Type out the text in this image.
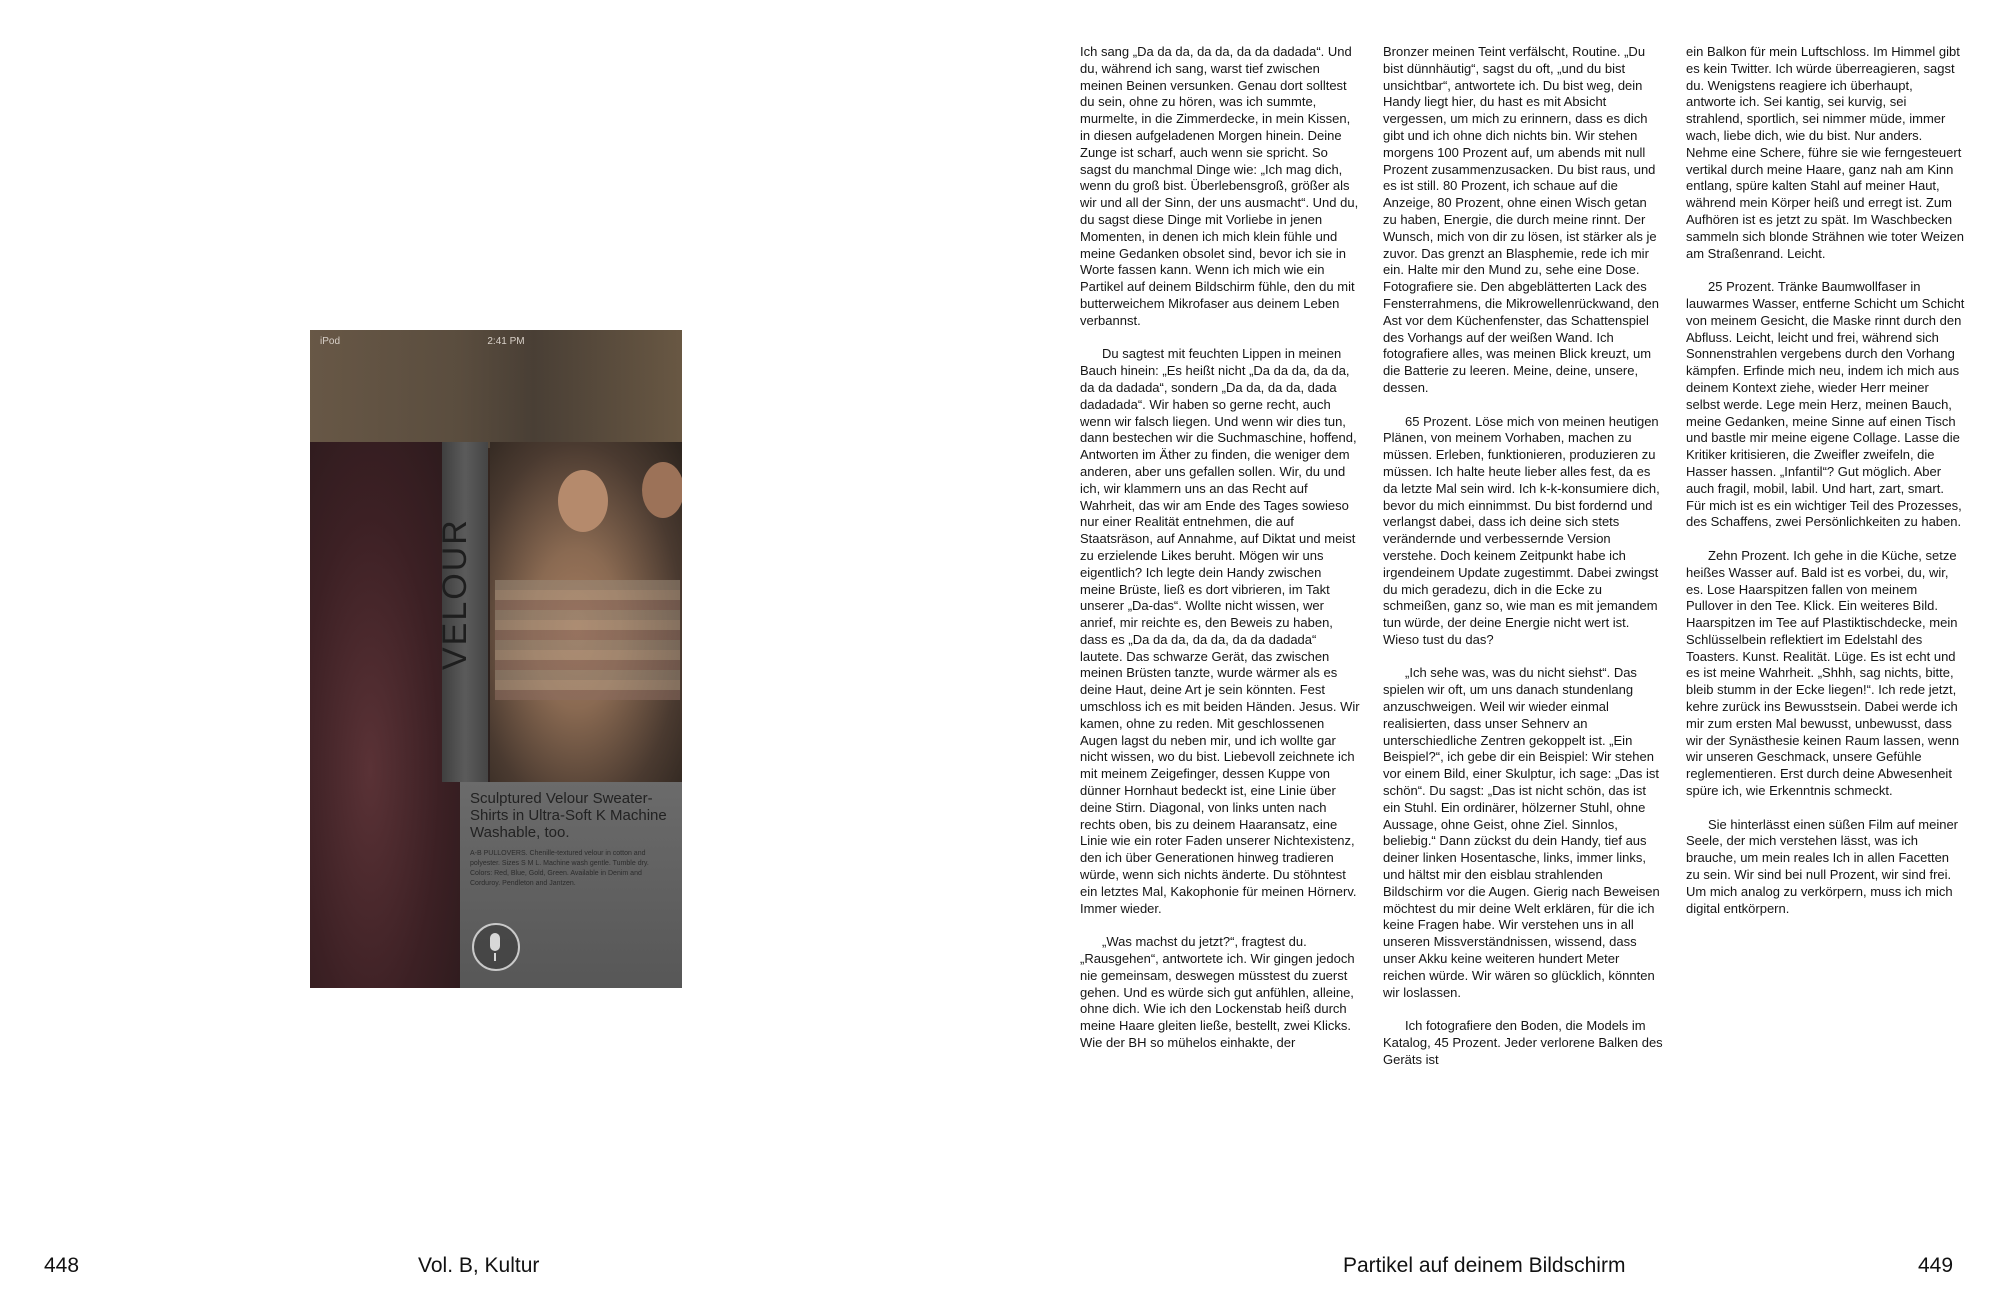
iPod	2:41 PM
VELOUR
Sculptured Velour Sweater-Shirts in Ultra-Soft K Machine Washable, too.
A-B PULLOVERS. Chenille-textured velour in cotton and polyester. Sizes S M L. Machine wash gentle. Tumble dry. Colors: Red, Blue, Gold, Green. Available in Denim and Corduroy. Pendleton and Jantzen.

Ich sang „Da da da, da da, da da dadada“. Und du, während ich sang, warst tief zwischen meinen Beinen versunken. Genau dort solltest du sein, ohne zu hören, was ich summte, murmelte, in die Zimmerdecke, in mein Kissen, in diesen aufgeladenen Morgen hinein. Deine Zunge ist scharf, auch wenn sie spricht. So sagst du manchmal Dinge wie: „Ich mag dich, wenn du groß bist. Überlebensgroß, größer als wir und all der Sinn, der uns ausmacht“. Und du, du sagst diese Dinge mit Vorliebe in jenen Momenten, in denen ich mich klein fühle und meine Gedanken obsolet sind, bevor ich sie in Worte fassen kann. Wenn ich mich wie ein Partikel auf deinem Bildschirm fühle, den du mit butterweichem Mikrofaser aus deinem Leben verbannst.

Du sagtest mit feuchten Lippen in meinen Bauch hinein: „Es heißt nicht „Da da da, da da, da da dadada“, sondern „Da da, da da, dada dadadada“. Wir haben so gerne recht, auch wenn wir falsch liegen. Und wenn wir dies tun, dann bestechen wir die Suchmaschine, hoffend, Antworten im Äther zu finden, die weniger dem anderen, aber uns gefallen sollen. Wir, du und ich, wir klammern uns an das Recht auf Wahrheit, das wir am Ende des Tages sowieso nur einer Realität entnehmen, die auf Staatsräson, auf Annahme, auf Diktat und meist zu erzielende Likes beruht. Mögen wir uns eigentlich? Ich legte dein Handy zwischen meine Brüste, ließ es dort vibrieren, im Takt unserer „Da-das“. Wollte nicht wissen, wer anrief, mir reichte es, den Beweis zu haben, dass es „Da da da, da da, da da dadada“ lautete. Das schwarze Gerät, das zwischen meinen Brüsten tanzte, wurde wärmer als es deine Haut, deine Art je sein könnten. Fest umschloss ich es mit beiden Händen. Jesus. Wir kamen, ohne zu reden. Mit geschlossenen Augen lagst du neben mir, und ich wollte gar nicht wissen, wo du bist. Liebevoll zeichnete ich mit meinem Zeigefinger, dessen Kuppe von dünner Hornhaut bedeckt ist, eine Linie über deine Stirn. Diagonal, von links unten nach rechts oben, bis zu deinem Haaransatz, eine Linie wie ein roter Faden unserer Nichtexistenz, den ich über Generationen hinweg tradieren würde, wenn sich nichts änderte. Du stöhntest ein letztes Mal, Kakophonie für meinen Hörnerv. Immer wieder.

„Was machst du jetzt?“, fragtest du. „Rausgehen“, antwortete ich. Wir gingen jedoch nie gemeinsam, deswegen müsstest du zuerst gehen. Und es würde sich gut anfühlen, alleine, ohne dich. Wie ich den Lockenstab heiß durch meine Haare gleiten ließe, bestellt, zwei Klicks. Wie der BH so mühelos einhakte, der

Bronzer meinen Teint verfälscht, Routine. „Du bist dünnhäutig“, sagst du oft, „und du bist unsichtbar“, antwortete ich. Du bist weg, dein Handy liegt hier, du hast es mit Absicht vergessen, um mich zu erinnern, dass es dich gibt und ich ohne dich nichts bin. Wir stehen morgens 100 Prozent auf, um abends mit null Prozent zusammenzusacken. Du bist raus, und es ist still. 80 Prozent, ich schaue auf die Anzeige, 80 Prozent, ohne einen Wisch getan zu haben, Energie, die durch meine rinnt. Der Wunsch, mich von dir zu lösen, ist stärker als je zuvor. Das grenzt an Blasphemie, rede ich mir ein. Halte mir den Mund zu, sehe eine Dose. Fotografiere sie. Den abgeblätterten Lack des Fensterrahmens, die Mikrowellenrückwand, den Ast vor dem Küchenfenster, das Schattenspiel des Vorhangs auf der weißen Wand. Ich fotografiere alles, was meinen Blick kreuzt, um die Batterie zu leeren. Meine, deine, unsere, dessen.

65 Prozent. Löse mich von meinen heutigen Plänen, von meinem Vorhaben, machen zu müssen. Erleben, funktionieren, produzieren zu müssen. Ich halte heute lieber alles fest, da es da letzte Mal sein wird. Ich k-k-konsumiere dich, bevor du mich einnimmst. Du bist fordernd und verlangst dabei, dass ich deine sich stets verändernde und verbessernde Version verstehe. Doch keinem Zeitpunkt habe ich irgendeinem Update zugestimmt. Dabei zwingst du mich geradezu, dich in die Ecke zu schmeißen, ganz so, wie man es mit jemandem tun würde, der deine Energie nicht wert ist. Wieso tust du das?

„Ich sehe was, was du nicht siehst“. Das spielen wir oft, um uns danach stundenlang anzuschweigen. Weil wir wieder einmal realisierten, dass unser Sehnerv an unterschiedliche Zentren gekoppelt ist. „Ein Beispiel?“, ich gebe dir ein Beispiel: Wir stehen vor einem Bild, einer Skulptur, ich sage: „Das ist schön“. Du sagst: „Das ist nicht schön, das ist ein Stuhl. Ein ordinärer, hölzerner Stuhl, ohne Aussage, ohne Geist, ohne Ziel. Sinnlos, beliebig.“ Dann zückst du dein Handy, tief aus deiner linken Hosentasche, links, immer links, und hältst mir den eisblau strahlenden Bildschirm vor die Augen. Gierig nach Beweisen möchtest du mir deine Welt erklären, für die ich keine Fragen habe. Wir verstehen uns in all unseren Missverständnissen, wissend, dass unser Akku keine weiteren hundert Meter reichen würde. Wir wären so glücklich, könnten wir loslassen.

Ich fotografiere den Boden, die Models im Katalog, 45 Prozent. Jeder verlorene Balken des Geräts ist

ein Balkon für mein Luftschloss. Im Himmel gibt es kein Twitter. Ich würde überreagieren, sagst du. Wenigstens reagiere ich überhaupt, antworte ich. Sei kantig, sei kurvig, sei strahlend, sportlich, sei nimmer müde, immer wach, liebe dich, wie du bist. Nur anders. Nehme eine Schere, führe sie wie ferngesteuert vertikal durch meine Haare, ganz nah am Kinn entlang, spüre kalten Stahl auf meiner Haut, während mein Körper heiß und erregt ist. Zum Aufhören ist es jetzt zu spät. Im Waschbecken sammeln sich blonde Strähnen wie toter Weizen am Straßenrand. Leicht.

25 Prozent. Tränke Baumwollfaser in lauwarmes Wasser, entferne Schicht um Schicht von meinem Gesicht, die Maske rinnt durch den Abfluss. Leicht, leicht und frei, während sich Sonnenstrahlen vergebens durch den Vorhang kämpfen. Erfinde mich neu, indem ich mich aus deinem Kontext ziehe, wieder Herr meiner selbst werde. Lege mein Herz, meinen Bauch, meine Gedanken, meine Sinne auf einen Tisch und bastle mir meine eigene Collage. Lasse die Kritiker kritisieren, die Zweifler zweifeln, die Hasser hassen. „Infantil“? Gut möglich. Aber auch fragil, mobil, labil. Und hart, zart, smart. Für mich ist es ein wichtiger Teil des Prozesses, des Schaffens, zwei Persönlichkeiten zu haben.

Zehn Prozent. Ich gehe in die Küche, setze heißes Wasser auf. Bald ist es vorbei, du, wir, es. Lose Haarspitzen fallen von meinem Pullover in den Tee. Klick. Ein weiteres Bild. Haarspitzen im Tee auf Plastiktischdecke, mein Schlüsselbein reflektiert im Edelstahl des Toasters. Kunst. Realität. Lüge. Es ist echt und es ist meine Wahrheit. „Shhh, sag nichts, bitte, bleib stumm in der Ecke liegen!“. Ich rede jetzt, kehre zurück ins Bewusstsein. Dabei werde ich mir zum ersten Mal bewusst, unbewusst, dass wir der Synästhesie keinen Raum lassen, wenn wir unseren Geschmack, unsere Gefühle reglementieren. Erst durch deine Abwesenheit spüre ich, wie Erkenntnis schmeckt.

Sie hinterlässt einen süßen Film auf meiner Seele, der mich verstehen lässt, was ich brauche, um mein reales Ich in allen Facetten zu sein. Wir sind bei null Prozent, wir sind frei. Um mich analog zu verkörpern, muss ich mich digital entkörpern.

448	Vol. B, Kultur	Partikel auf deinem Bildschirm	449
